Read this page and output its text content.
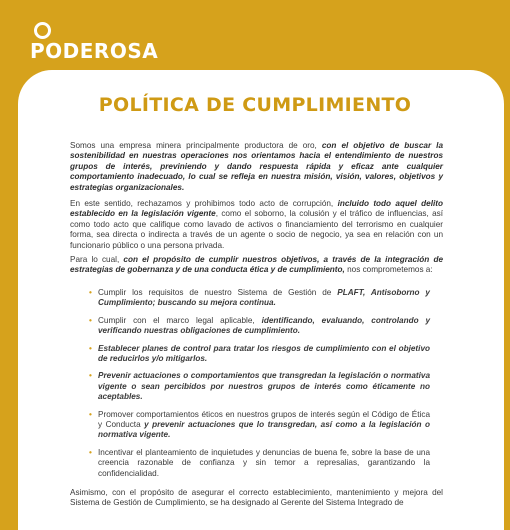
PODEROSA
POLÍTICA DE CUMPLIMIENTO

Somos una empresa minera principalmente productora de oro, con el objetivo de buscar la sostenibilidad en nuestras operaciones nos orientamos hacia el entendimiento de nuestros grupos de interés, previniendo y dando respuesta rápida y eficaz ante cualquier comportamiento inadecuado, lo cual se refleja en nuestra misión, visión, valores, objetivos y estrategias organizacionales.

En este sentido, rechazamos y prohibimos todo acto de corrupción, incluido todo aquel delito establecido en la legislación vigente, como el soborno, la colusión y el tráfico de influencias, así como todo acto que califique como lavado de activos o financiamiento del terrorismo en cualquier forma, sea directa o indirecta a través de un agente o socio de negocio, ya sea en relación con un funcionario público o una persona privada.

Para lo cual, con el propósito de cumplir nuestros objetivos, a través de la integración de estrategias de gobernanza y de una conducta ética y de cumplimiento, nos comprometemos a:

• Cumplir los requisitos de nuestro Sistema de Gestión de PLAFT, Antisoborno y Cumplimiento; buscando su mejora continua.
• Cumplir con el marco legal aplicable, identificando, evaluando, controlando y verificando nuestras obligaciones de cumplimiento.
• Establecer planes de control para tratar los riesgos de cumplimiento con el objetivo de reducirlos y/o mitigarlos.
• Prevenir actuaciones o comportamientos que transgredan la legislación o normativa vigente o sean percibidos por nuestros grupos de interés como éticamente no aceptables.
• Promover comportamientos éticos en nuestros grupos de interés según el Código de Ética y Conducta y prevenir actuaciones que lo transgredan, así como a la legislación o normativa vigente.
• Incentivar el planteamiento de inquietudes y denuncias de buena fe, sobre la base de una creencia razonable de confianza y sin temor a represalias, garantizando la confidencialidad.

Asimismo, con el propósito de asegurar el correcto establecimiento, mantenimiento y mejora del Sistema de Gestión de Cumplimiento, se ha designado al Gerente del Sistema Integrado de
